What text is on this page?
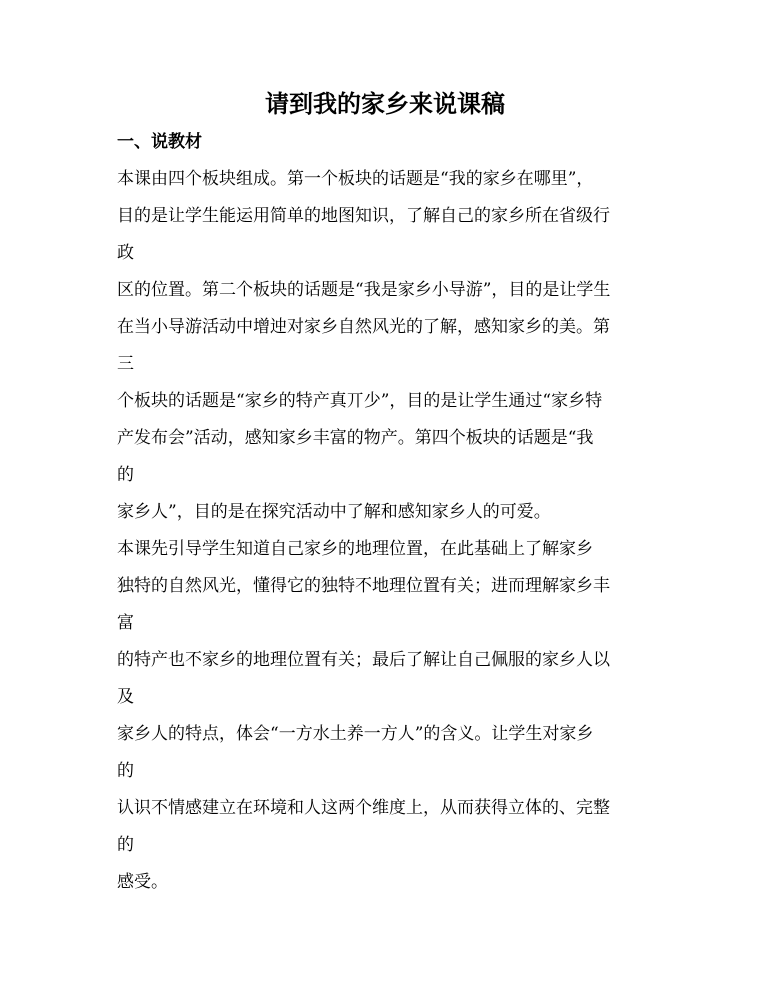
请到我的家乡来说课稿
一、说教材
本课由四个板块组成。第一个板块的话题是“我的家乡在哪里”，
目的是让学生能运用简单的地图知识，了解自己的家乡所在省级行
政
区的位置。第二个板块的话题是“我是家乡小导游”，目的是让学生
在当小导游活动中增迚对家乡自然风光的了解，感知家乡的美。第
三
个板块的话题是“家乡的特产真丌少”，目的是让学生通过“家乡特
产发布会”活动，感知家乡丰富的物产。第四个板块的话题是“我
的
家乡人”，目的是在探究活动中了解和感知家乡人的可爱。
本课先引导学生知道自己家乡的地理位置，在此基础上了解家乡
独特的自然风光，懂得它的独特不地理位置有关；进而理解家乡丰
富
的特产也不家乡的地理位置有关；最后了解让自己佩服的家乡人以
及
家乡人的特点，体会“一方水土养一方人”的含义。让学生对家乡
的
认识不情感建立在环境和人这两个维度上，从而获得立体的、完整
的
感受。
